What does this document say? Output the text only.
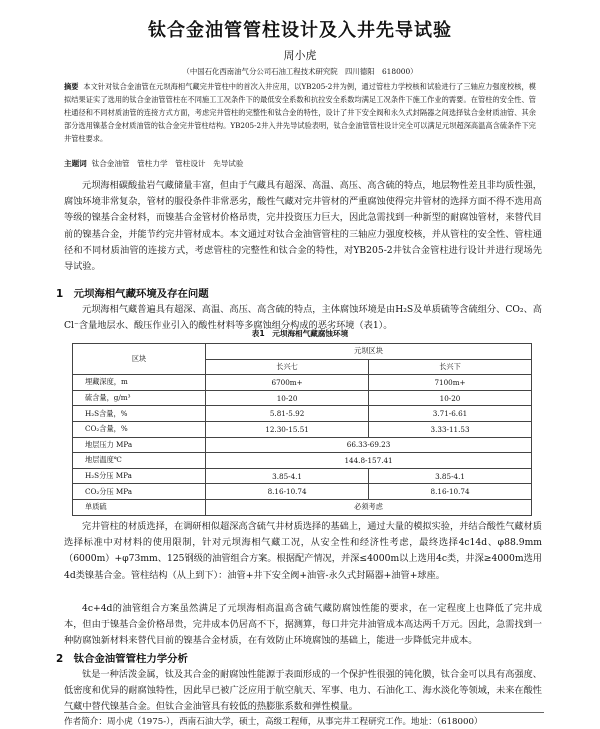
钛合金油管管柱设计及入井先导试验
周小虎
（中国石化西南油气分公司石油工程技术研究院　四川德阳　618000）
摘要 本文针对钛合金油管在元坝海相气藏完井管柱中的首次入井应用，以YB205-2井为例，通过管柱力学校核和试验进行了三轴应力强度校核，模拟结果证实了选用的钛合金油管管柱在不同施工工况条件下的最低安全系数和抗拉安全系数均满足工况条件下施工作业的需要。在管柱的安全性、管柱通径和不同材质油管的连接方式方面，考虑完井管柱的完整性和钛合金的特性，设计了井下安全阀和永久式封隔器之间选择钛合金材质油管、其余部分选用镍基合金材质油管的钛合金完井管柱结构。YB205-2井入井先导试验表明，钛合金油管管柱设计完全可以满足元坝超深高温高含硫条件下完井管柱要求。
主题词 钛合金油管　管柱力学　管柱设计　先导试验
元坝海相碳酸盐岩气藏储量丰富，但由于气藏具有超深、高温、高压、高含硫的特点，地层物性差且非均质性强，腐蚀环境非常复杂，管材的服役条件非常恶劣，酸性气藏对完井管材的严重腐蚀使得完井管材的选择方面不得不选用高等级的镍基合金材料，而镍基合金管材价格昂贵，完井投资压力巨大，因此急需找到一种新型的耐腐蚀管材，来替代目前的镍基合金，并能节约完井管材成本。本文通过对钛合金油管管柱的三轴应力强度校核，并从管柱的安全性、管柱通径和不同材质油管的连接方式，考虑管柱的完整性和钛合金的特性，对YB205-2井钛合金管柱进行设计并进行现场先导试验。
1　元坝海相气藏环境及存在问题
元坝海相气藏普遍具有超深、高温、高压、高含硫的特点，主体腐蚀环境是由H₂S及单质硫等含硫组分、CO₂、高Cl⁻含量地层水、酸压作业引入的酸性材料等多腐蚀组分构成的恶劣环境（表1）。
表1　元坝海相气藏腐蚀环境
区块	元坝区块	
	长兴七	长兴下
埋藏深度，m	6700m+	7100m+
硫含量，g/m³	10-20	10-20
H₂S含量，%	5.81-5.92	3.71-6.61
CO₂含量，%	12.30-15.51	3.33-11.53
地层压力 MPa	66.33-69.23	
地层温度℃	144.8-157.41	
H₂S分压 MPa	3.85-4.1	3.85-4.1
CO₂分压 MPa	8.16-10.74	8.16-10.74
单质硫	必须考虑	
完井管柱的材质选择，在调研相似超深高含硫气井材质选择的基础上，通过大量的模拟实验，并结合酸性气藏材质选择标准中对材料的使用限制，针对元坝海相气藏工况，从安全性和经济性考虑，最终选择4c14d、φ88.9mm（6000m）+φ73mm、125钢级的油管组合方案。根据配产情况，并深≤4000m以上选用4c类，井深≥4000m选用4d类镍基合金。管柱结构（从上到下）：油管+井下安全阀+油管-永久式封隔器+油管+球座。
4c+4d的油管组合方案虽然满足了元坝海相高温高含硫气藏防腐蚀性能的要求，在一定程度上也降低了完井成本，但由于镍基合金价格昂贵，完井成本仍居高不下，据测算，每口井完井油管成本高达两千万元。因此，急需找到一种防腐蚀新材料来替代目前的镍基合金材质，在有效防止环境腐蚀的基础上，能进一步降低完井成本。
2　钛合金油管管柱力学分析
钛是一种活泼金属，钛及其合金的耐腐蚀性能源于表面形成的一个保护性很强的钝化膜，钛合金可以具有高强度、低密度和优异的耐腐蚀特性，因此早已被广泛应用于航空航天、军事、电力、石油化工、海水淡化等领域，未来在酸性气藏中替代镍基合金。但钛合金油管具有较低的热膨胀系数和弹性模量。
作者简介：周小虎（1975-），西南石油大学，硕士，高级工程师，从事完井工程研究工作。地址：（618000）
